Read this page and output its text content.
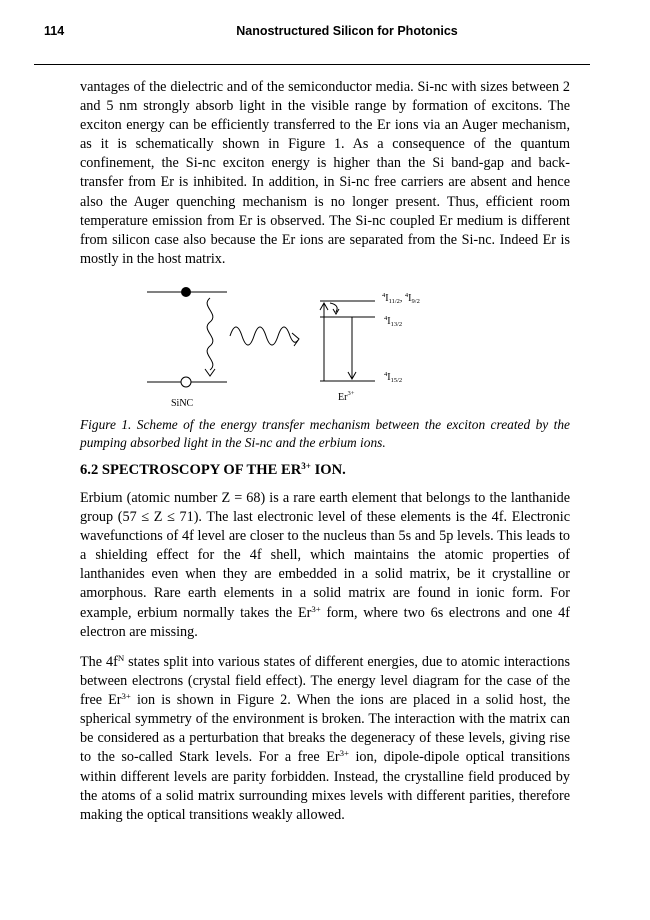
114	Nanostructured Silicon for Photonics

vantages of the dielectric and of the semiconductor media. Si-nc with sizes between 2 and 5 nm strongly absorb light in the visible range by formation of excitons. The exciton energy can be efficiently transferred to the Er ions via an Auger mechanism, as it is schematically shown in Figure 1. As a consequence of the quantum confinement, the Si-nc exciton energy is higher than the Si band-gap and back-transfer from Er is inhibited. In addition, in Si-nc free carriers are absent and hence also the Auger quenching mechanism is no longer present. Thus, efficient room temperature emission from Er is observed. The Si-nc coupled Er medium is different from silicon case also because the Er ions are separated from the Si-nc. Indeed Er is mostly in the host matrix.

$^4I_{11/2}$, $^4I_{9/2}$
$^4I_{13/2}$
$^4I_{15/2}$
$Er^{3+}$
SiNC

Figure 1. Scheme of the energy transfer mechanism between the exciton created by the pumping absorbed light in the Si-nc and the erbium ions.

6.2 SPECTROSCOPY OF THE $ER^{3+}$ ION.

Erbium (atomic number Z = 68) is a rare earth element that belongs to the lanthanide group (57 ≤ Z ≤ 71). The last electronic level of these elements is the 4f. Electronic wavefunctions of 4f level are closer to the nucleus than 5s and 5p levels. This leads to a shielding effect for the 4f shell, which maintains the atomic properties of lanthanides even when they are embedded in a solid matrix, be it crystalline or amorphous. Rare earth elements in a solid matrix are found in ionic form. For example, erbium normally takes the $Er^{3+}$ form, where two 6s electrons and one 4f electron are missing.

The $4f^N$ states split into various states of different energies, due to atomic interactions between electrons (crystal field effect). The energy level diagram for the case of the free $Er^{3+}$ ion is shown in Figure 2. When the ions are placed in a solid host, the spherical symmetry of the environment is broken. The interaction with the matrix can be considered as a perturbation that breaks the degeneracy of these levels, giving rise to the so-called Stark levels. For a free $Er^{3+}$ ion, dipole-dipole optical transitions within different levels are parity forbidden. Instead, the crystalline field produced by the atoms of a solid matrix surrounding mixes levels with different parities, therefore making the optical transitions weakly allowed.
